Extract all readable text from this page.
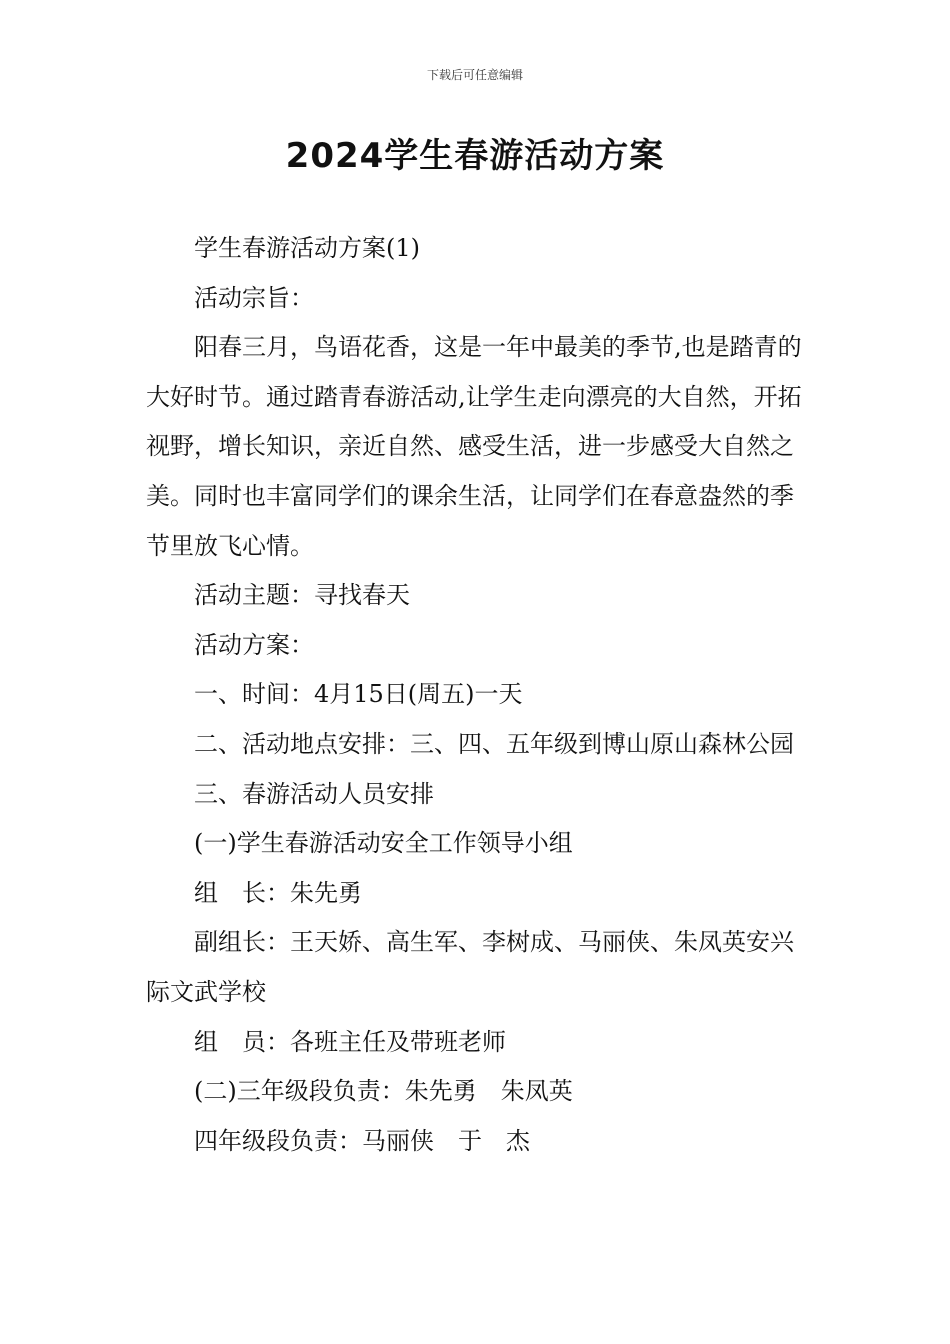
下载后可任意编辑
2024学生春游活动方案

学生春游活动方案(1)

活动宗旨：

阳春三月，鸟语花香，这是一年中最美的季节,也是踏青的大好时节。通过踏青春游活动,让学生走向漂亮的大自然，开拓视野，增长知识，亲近自然、感受生活，进一步感受大自然之美。同时也丰富同学们的课余生活，让同学们在春意盎然的季节里放飞心情。

活动主题：寻找春天

活动方案：

一、时间：4月15日(周五)一天

二、活动地点安排：三、四、五年级到博山原山森林公园

三、春游活动人员安排

(一)学生春游活动安全工作领导小组

组　长：朱先勇

副组长：王天娇、高生军、李树成、马丽侠、朱凤英安兴际文武学校

组　员：各班主任及带班老师

(二)三年级段负责：朱先勇　朱凤英

四年级段负责：马丽侠　于　杰
